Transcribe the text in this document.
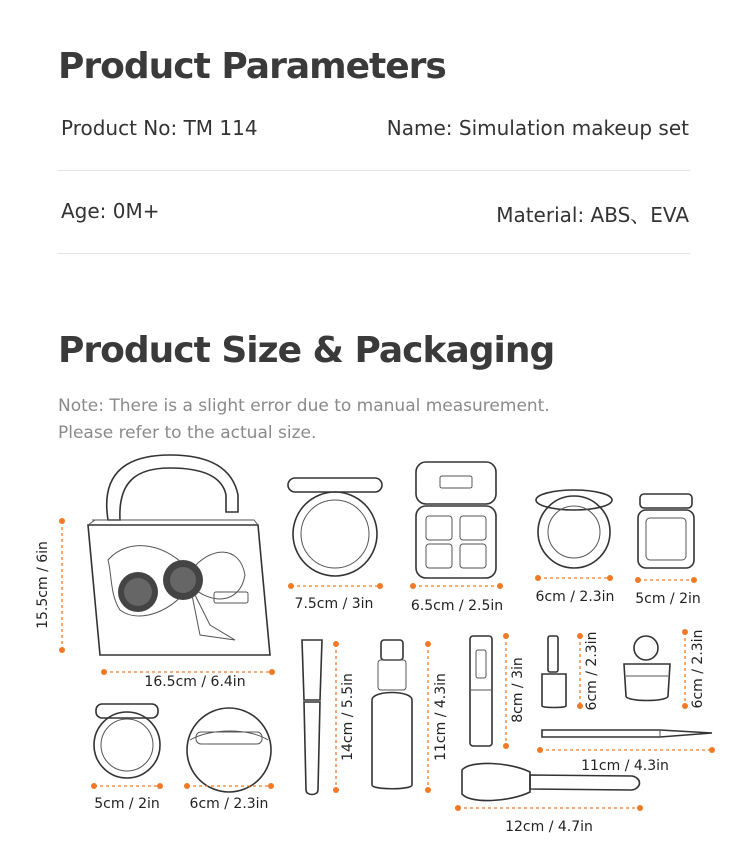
Product Parameters
Product No: TM 114	Name: Simulation makeup set
Age: 0M+	Material: ABS、EVA
Product Size & Packaging
Note: There is a slight error due to manual measurement.
Please refer to the actual size.
15.5cm / 6in
16.5cm / 6.4in
7.5cm / 3in	6.5cm / 2.5in
6cm / 2.3in 5cm / 2in
14cm / 5.5in	11cm / 4.3in	8cm / 3in	6cm / 2.3in	6cm / 2.3in
5cm / 2in 6cm / 2.3in
11cm / 4.3in
12cm / 4.7in
